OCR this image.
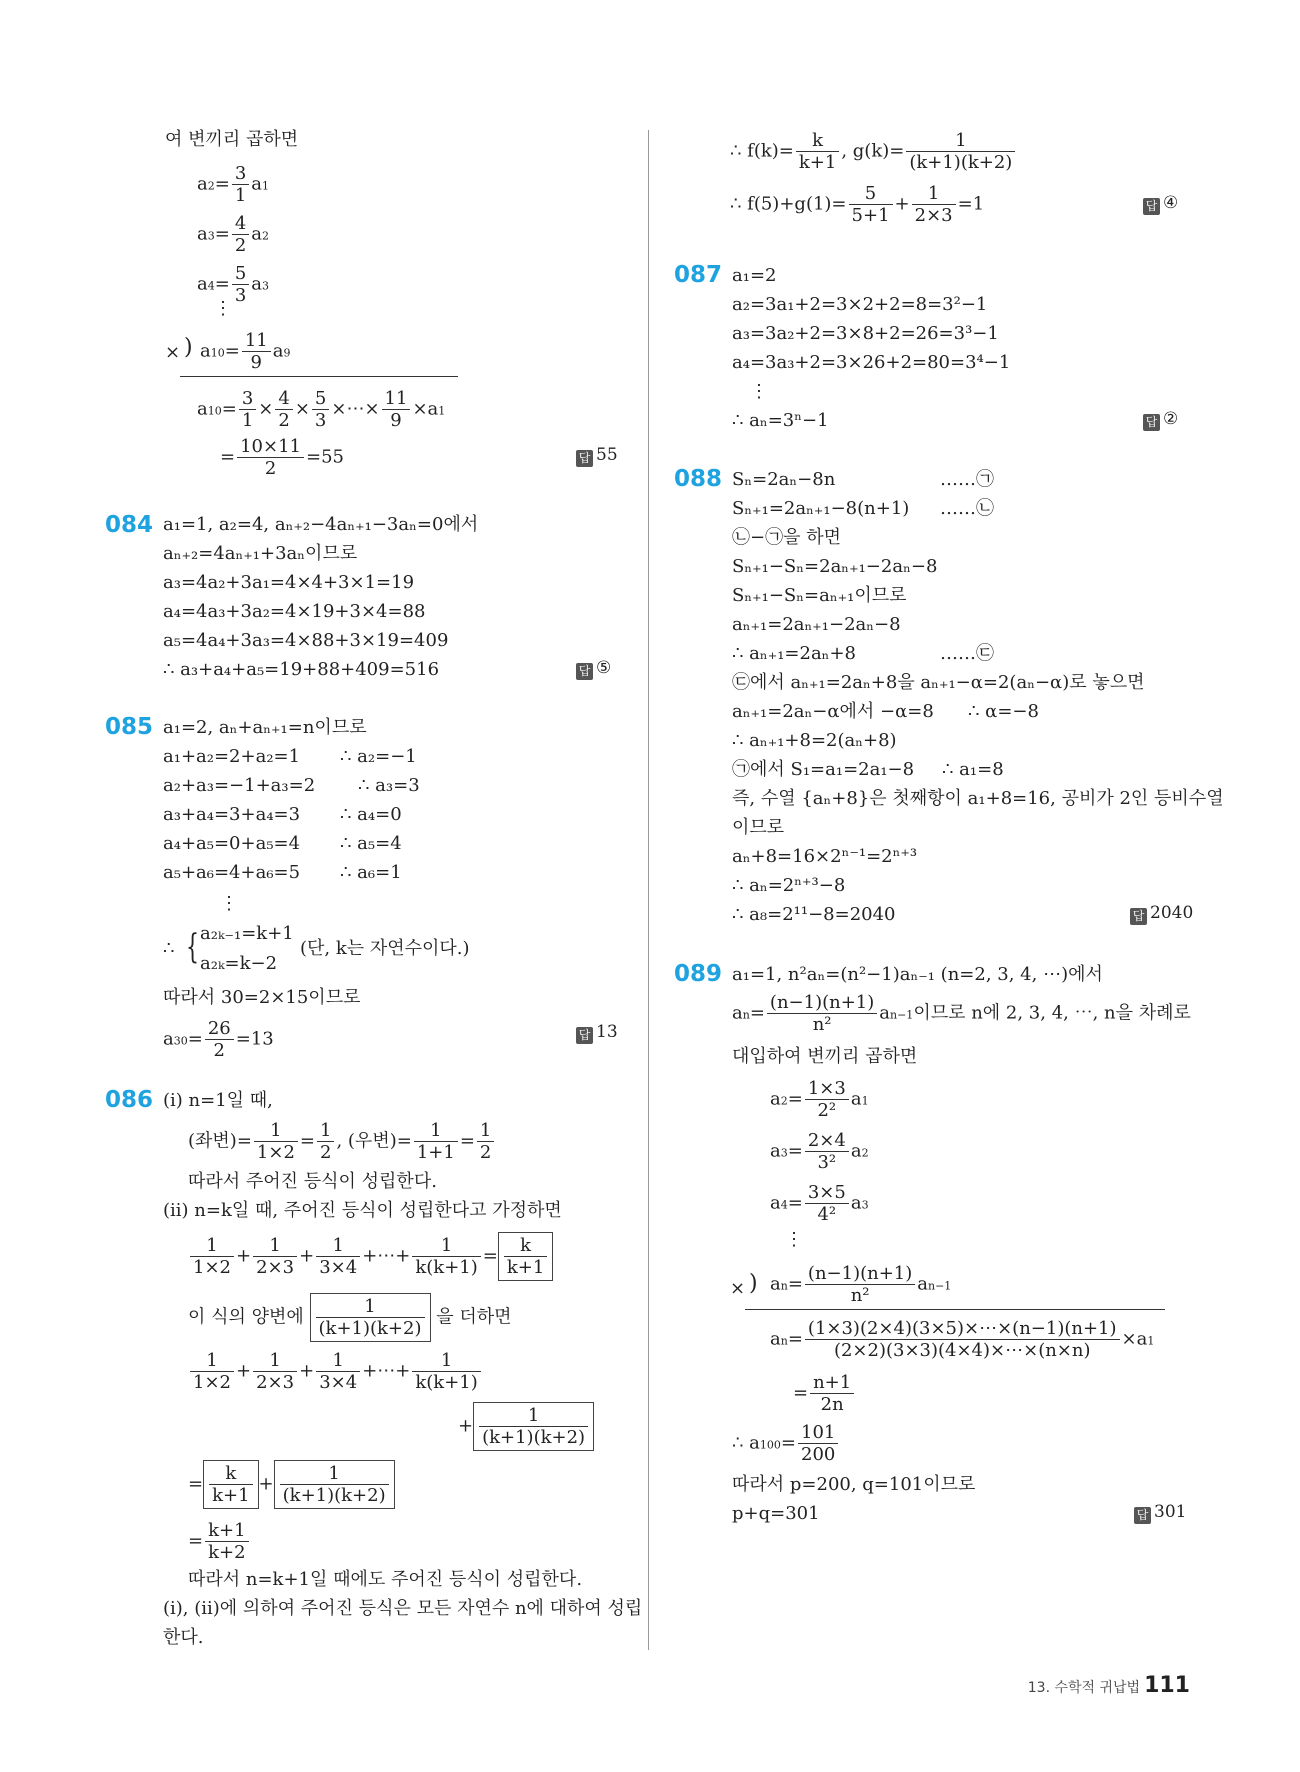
여 변끼리 곱하면
$a2= \frac{3}{1} a1$
$a3= \frac{4}{2} a2$
$a4= \frac{5}{3} a3$
⋮
× ) $a10= \frac{11}{9} a9$
$a10= \frac{3}{1} \times \frac{4}{2} \times \frac{5}{3}$ ×⋯× $\frac{11}{9} \times a1$
= $\frac{10\times 11}{2} =55$	답 55
084 a₁=1, a₂=4, aₙ₊₂−4aₙ₊₁−3aₙ=0에서
aₙ₊₂=4aₙ₊₁+3aₙ이므로
a₃=4a₂+3a₁=4×4+3×1=19
a₄=4a₃+3a₂=4×19+3×4=88
a₅=4a₄+3a₃=4×88+3×19=409
∴ a₃+a₄+a₅=19+88+409=516	답 ⑤
085 a₁=2, aₙ+aₙ₊₁=n이므로
a₁+a₂=2+a₂=1 ∴ a₂=−1
a₂+a₃=−1+a₃=2 ∴ a₃=3
a₃+a₄=3+a₄=3 ∴ a₄=0
a₄+a₅=0+a₅=4 ∴ a₅=4
a₅+a₆=4+a₆=5 ∴ a₆=1
⋮
∴ { a₂ₖ₋₁=k+1
a₂ₖ=k−2
(단, k는 자연수이다.)
따라서 30=2×15이므로
$a30= \frac{26}{2} =13$	답 13
086 (ⅰ) n=1일 때,
(좌변)= $\frac{1}{1\times 2} = \frac{1}{2}$ , (우변)= $\frac{1}{1+1} = \frac{1}{2}$
따라서 주어진 등식이 성립한다.
(ⅱ) n=k일 때, 주어진 등식이 성립한다고 가정하면
$\frac{1}{1\times 2} + \frac{1}{2\times 3} + \frac{1}{3\times 4}$ +⋯+ $\frac{1}{k(k+1)} = \frac{k}{k+1}$
이 식의 양변에 $\frac{1}{(k+1)(k+2)}$ 을 더하면
$\frac{1}{1\times 2} + \frac{1}{2\times 3} + \frac{1}{3\times 4}$ +⋯+ $\frac{1}{k(k+1)}$
+ $\frac{1}{(k+1)(k+2)}$
= $\frac{k}{k+1} + \frac{1}{(k+1)(k+2)}$
= $\frac{k+1}{k+2}$
따라서 n=k+1일 때에도 주어진 등식이 성립한다.
(ⅰ), (ⅱ)에 의하여 주어진 등식은 모든 자연수 n에 대하여 성립
한다.
∴ $f(k)= \frac{k}{k+1}$ , $g(k)= \frac{1}{(k+1)(k+2)}$
∴ $f(5)+g(1)= \frac{5}{5+1} + \frac{1}{2\times 3} =1$	답 ④
087 a₁=2
a₂=3a₁+2=3×2+2=8=3²−1
a₃=3a₂+2=3×8+2=26=3³−1
a₄=3a₃+2=3×26+2=80=3⁴−1
⋮
∴ aₙ=3ⁿ−1	답 ②
088 Sₙ=2aₙ−8n	……㉠
Sₙ₊₁=2aₙ₊₁−8(n+1) ……㉡
㉡−㉠을 하면
Sₙ₊₁−Sₙ=2aₙ₊₁−2aₙ−8
Sₙ₊₁−Sₙ=aₙ₊₁이므로
aₙ₊₁=2aₙ₊₁−2aₙ−8
∴ aₙ₊₁=2aₙ+8	……㉢
㉢에서 aₙ₊₁=2aₙ+8을 aₙ₊₁−α=2(aₙ−α)로 놓으면
aₙ₊₁=2aₙ−α에서 −α=8 ∴ α=−8
∴ aₙ₊₁+8=2(aₙ+8)
㉠에서 S₁=a₁=2a₁−8 ∴ a₁=8
즉, 수열 {aₙ+8}은 첫째항이 a₁+8=16, 공비가 2인 등비수열
이므로
aₙ+8=16×2ⁿ⁻¹=2ⁿ⁺³
∴ aₙ=2ⁿ⁺³−8
∴ a₈=2¹¹−8=2040	답 2040
089 a₁=1, n²aₙ=(n²−1)aₙ₋₁ (n=2, 3, 4, ⋯)에서
$an= \frac{(n-1)(n+1)}{\text{n²}} an-1$이므로 n에 2, 3, 4, ⋯, n을 차례로
대입하여 변끼리 곱하면
$a2= \frac{1\times 3}{\text{2²}} a1$
$a3= \frac{2\times 4}{\text{3²}} a2$
$a4= \frac{3\times 5}{\text{4²}} a3$
⋮
× ) $an= \frac{(n-1)(n+1)}{\text{n²}} an-1$
$an= \frac{(1\times 3)(2\times 4)(3\times 5)\times\cdots\times(n-1)(n+1)}{(2\times 2)(3\times 3)(4\times 4)\times\cdots\times(n\times n)} \times a1$
= $\frac{n+1}{2n}$
∴ $a100= \frac{101}{200}$
따라서 p=200, q=101이므로
p+q=301	답 301
13. 수학적 귀납법 111
